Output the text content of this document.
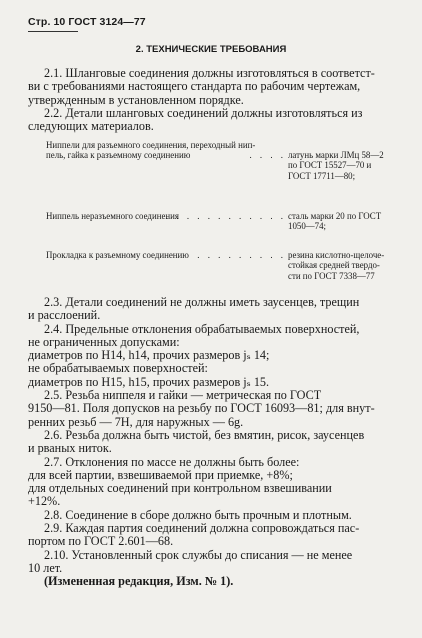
Стр. 10 ГОСТ 3124—77
2. ТЕХНИЧЕСКИЕ ТРЕБОВАНИЯ
2.1. Шланговые соединения должны изготовляться в соответст-
ви с требованиями настоящего стандарта по рабочим чертежам,
утвержденным в установленном порядке.
2.2. Детали шланговых соединений должны изготовляться из
следующих материалов.
Ниппели для разъемного соединения, переходный нип-
пель, гайка к разъемному соединению	. . . . латунь марки ЛМц 58—2
по ГОСТ 15527—70 и
ГОСТ 17711—80;
Ниппель неразъемного соединения
. . . . . . . . . . . . сталь марки 20 по ГОСТ
1050—74;
Прокладка к разъемному соединению . . . . . . . . . резина кислотно-щелоче-
стойкая средней твердо-
сти по ГОСТ 7338—77
2.3. Детали соединений не должны иметь заусенцев, трещин
и расслоений.
2.4. Предельные отклонения обрабатываемых поверхностей,
не ограниченных допусками:
диаметров по H14, h14, прочих размеров jₛ 14;
не обрабатываемых поверхностей:
диаметров по H15, h15, прочих размеров jₛ 15.
2.5. Резьба ниппеля и гайки — метрическая по ГОСТ
9150—81. Поля допусков на резьбу по ГОСТ 16093—81; для внут-
ренних резьб — 7H, для наружных — 6g.
2.6. Резьба должна быть чистой, без вмятин, рисок, заусенцев
и рваных ниток.
2.7. Отклонения по массе не должны быть более:
для всей партии, взвешиваемой при приемке, +8%;
для отдельных соединений при контрольном взвешивании
+12%.
2.8. Соединение в сборе должно быть прочным и плотным.
2.9. Каждая партия соединений должна сопровождаться пас-
портом по ГОСТ 2.601—68.
2.10. Установленный срок службы до списания — не менее
10 лет.
(Измененная редакция, Изм. № 1).
